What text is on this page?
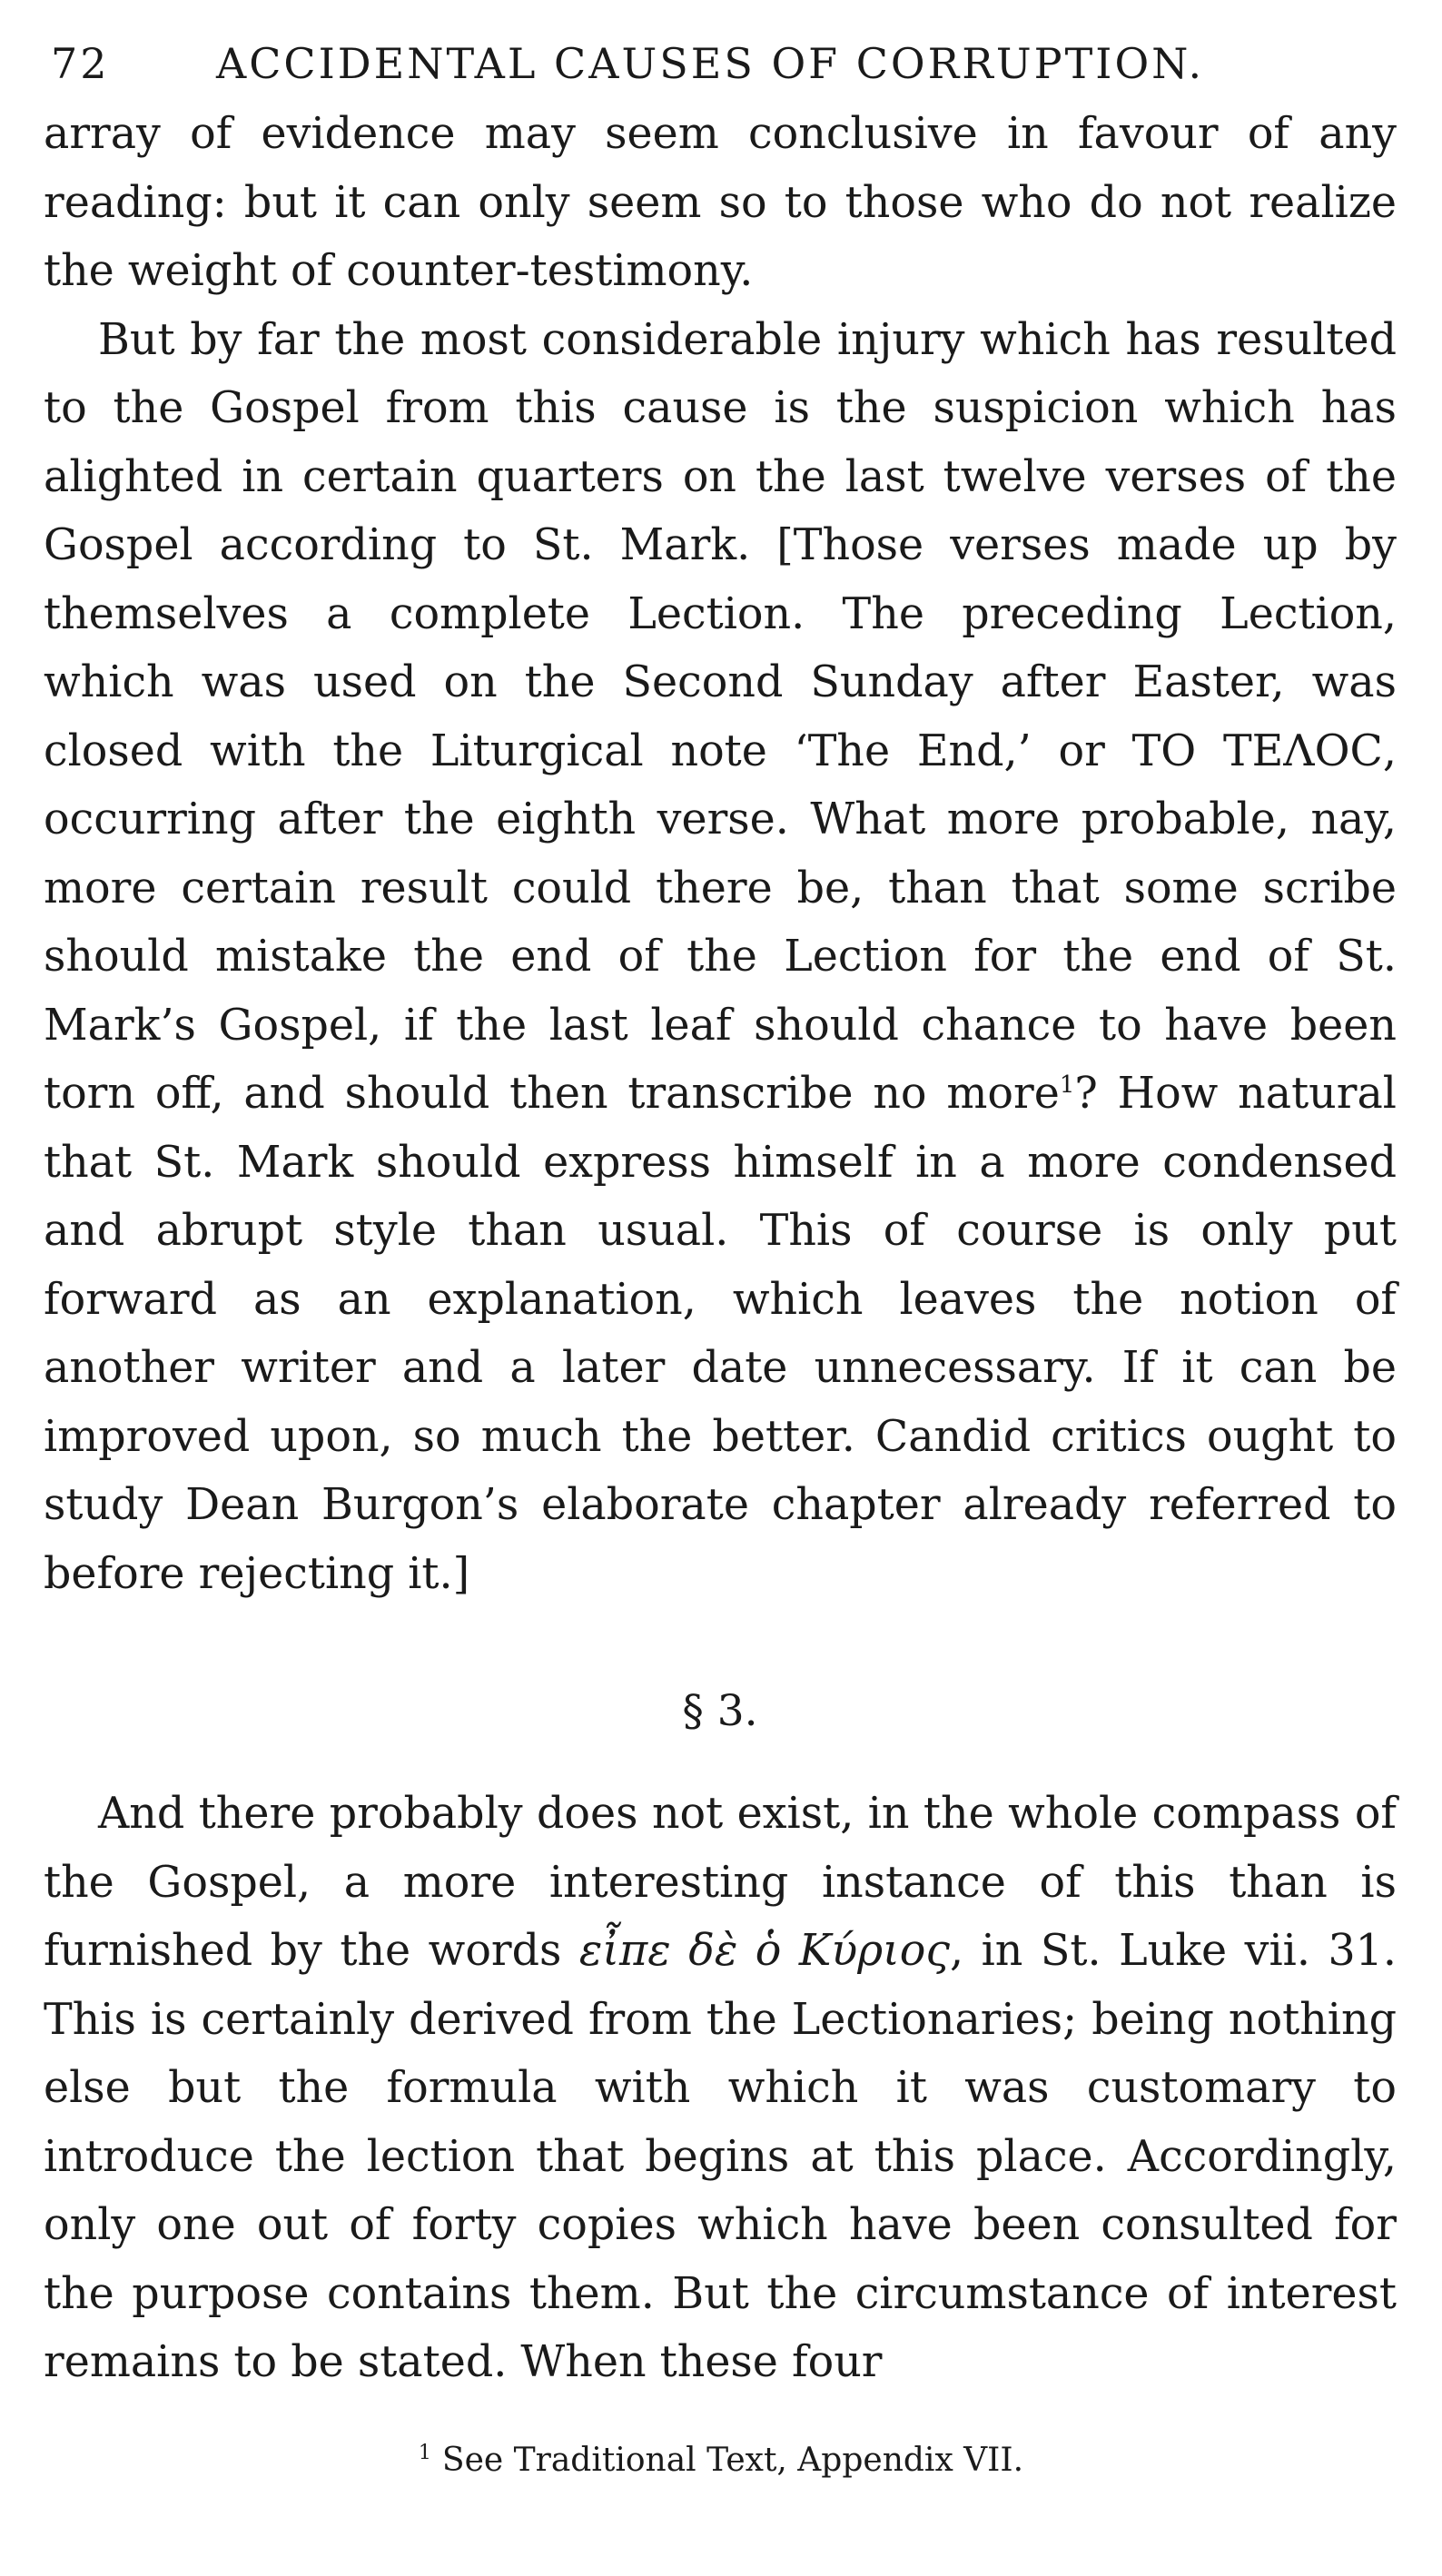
72	ACCIDENTAL CAUSES OF CORRUPTION.

array of evidence may seem conclusive in favour of any reading: but it can only seem so to those who do not realize the weight of counter-testimony.

But by far the most considerable injury which has resulted to the Gospel from this cause is the suspicion which has alighted in certain quarters on the last twelve verses of the Gospel according to St. Mark. [Those verses made up by themselves a complete Lection. The preceding Lection, which was used on the Second Sunday after Easter, was closed with the Liturgical note ‘The End,’ or TO ΤΕΛΟϹ, occurring after the eighth verse. What more probable, nay, more certain result could there be, than that some scribe should mistake the end of the Lection for the end of St. Mark’s Gospel, if the last leaf should chance to have been torn off, and should then transcribe no more$^1$? How natural that St. Mark should express himself in a more condensed and abrupt style than usual. This of course is only put forward as an explanation, which leaves the notion of another writer and a later date unnecessary. If it can be improved upon, so much the better. Candid critics ought to study Dean Burgon’s elaborate chapter already referred to before rejecting it.]

§ 3.

And there probably does not exist, in the whole compass of the Gospel, a more interesting instance of this than is furnished by the words εἶπε δὲ ὁ Κύριος, in St. Luke vii. 31. This is certainly derived from the Lectionaries; being nothing else but the formula with which it was customary to introduce the lection that begins at this place. Accordingly, only one out of forty copies which have been consulted for the purpose contains them. But the circumstance of interest remains to be stated. When these four

$^1$ See Traditional Text, Appendix VII.
